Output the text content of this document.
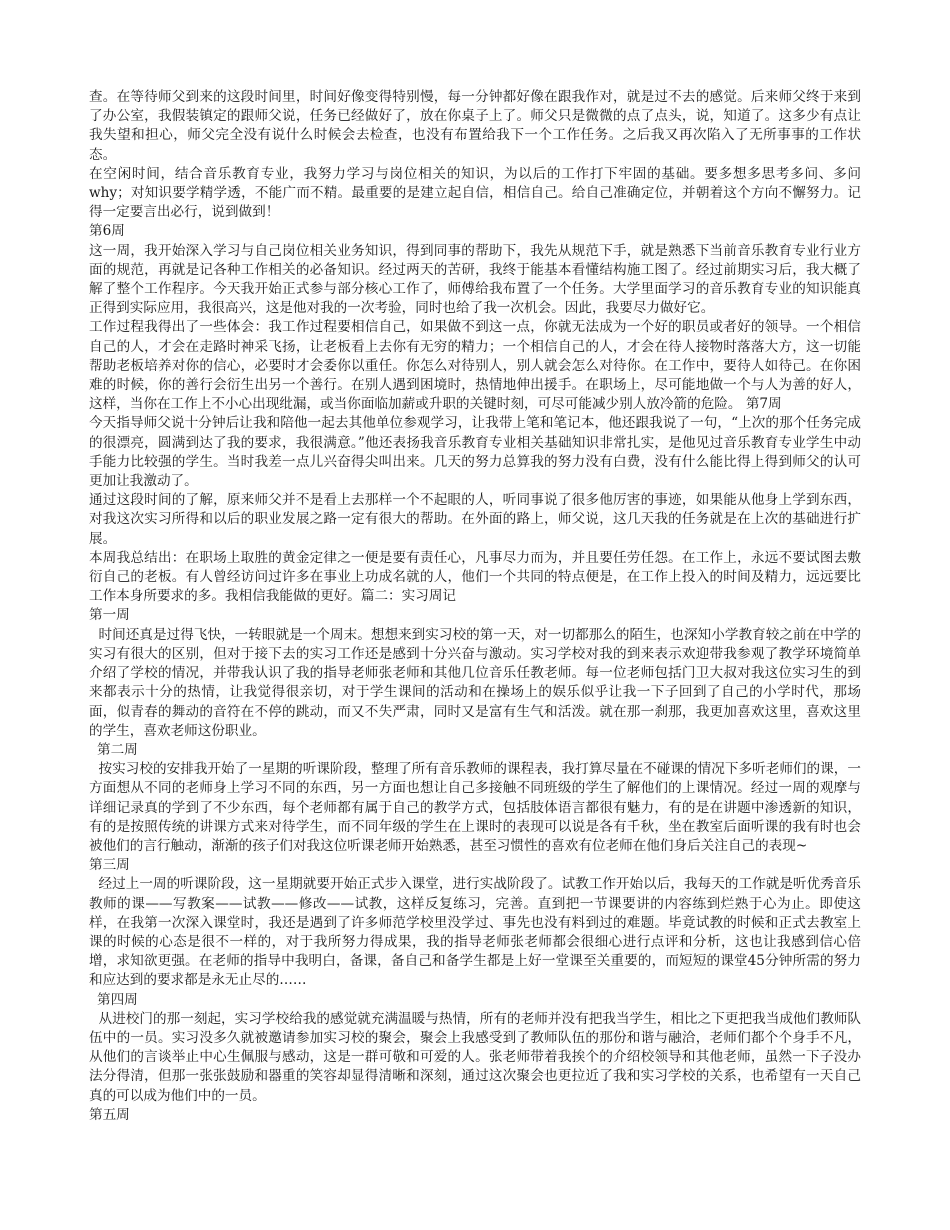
查。在等待师父到来的这段时间里，时间好像变得特别慢，每一分钟都好像在跟我作对，就是过不去的感觉。后来师父终于来到了办公室，我假装镇定的跟师父说，任务已经做好了，放在你桌子上了。师父只是微微的点了点头，说，知道了。这多少有点让我失望和担心，师父完全没有说什么时候会去检查，也没有布置给我下一个工作任务。之后我又再次陷入了无所事事的工作状态。

在空闲时间，结合音乐教育专业，我努力学习与岗位相关的知识，为以后的工作打下牢固的基础。要多想多思考多问、多问why；对知识要学精学透，不能广而不精。最重要的是建立起自信，相信自己。给自己准确定位，并朝着这个方向不懈努力。记得一定要言出必行，说到做到！

第6周

这一周，我开始深入学习与自己岗位相关业务知识，得到同事的帮助下，我先从规范下手，就是熟悉下当前音乐教育专业行业方面的规范，再就是记各种工作相关的必备知识。经过两天的苦研，我终于能基本看懂结构施工图了。经过前期实习后，我大概了解了整个工作程序。今天我开始正式参与部分核心工作了，师傅给我布置了一个任务。大学里面学习的音乐教育专业的知识能真正得到实际应用，我很高兴，这是他对我的一次考验，同时也给了我一次机会。因此，我要尽力做好它。

工作过程我得出了一些体会：我工作过程要相信自己，如果做不到这一点，你就无法成为一个好的职员或者好的领导。一个相信自己的人，才会在走路时神采飞扬，让老板看上去你有无穷的精力；一个相信自己的人，才会在待人接物时落落大方，这一切能帮助老板培养对你的信心，必要时才会委你以重任。你怎么对待别人，别人就会怎么对待你。在工作中，要待人如待己。在你困难的时候，你的善行会衍生出另一个善行。在别人遇到困境时，热情地伸出援手。在职场上，尽可能地做一个与人为善的好人，这样，当你在工作上不小心出现纰漏，或当你面临加薪或升职的关键时刻，可尽可能减少别人放冷箭的危险。 第7周

今天指导师父说十分钟后让我和陪他一起去其他单位参观学习，让我带上笔和笔记本，他还跟我说了一句，“上次的那个任务完成的很漂亮，圆满到达了我的要求，我很满意。”他还表扬我音乐教育专业相关基础知识非常扎实，是他见过音乐教育专业学生中动手能力比较强的学生。当时我差一点儿兴奋得尖叫出来。几天的努力总算我的努力没有白费，没有什么能比得上得到师父的认可更加让我激动了。

通过这段时间的了解，原来师父并不是看上去那样一个不起眼的人，听同事说了很多他厉害的事迹，如果能从他身上学到东西，对我这次实习所得和以后的职业发展之路一定有很大的帮助。在外面的路上，师父说，这几天我的任务就是在上次的基础进行扩展。

本周我总结出：在职场上取胜的黄金定律之一便是要有责任心，凡事尽力而为，并且要任劳任怨。在工作上，永远不要试图去敷衍自己的老板。有人曾经访问过许多在事业上功成名就的人，他们一个共同的特点便是，在工作上投入的时间及精力，远远要比工作本身所要求的多。我相信我能做的更好。篇二：实习周记

第一周

时间还真是过得飞快，一转眼就是一个周末。想想来到实习校的第一天，对一切都那么的陌生，也深知小学教育较之前在中学的实习有很大的区别，但对于接下去的实习工作还是感到十分兴奋与激动。实习学校对我的到来表示欢迎带我参观了教学环境简单介绍了学校的情况，并带我认识了我的指导老师张老师和其他几位音乐任教老师。每一位老师包括门卫大叔对我这位实习生的到来都表示十分的热情，让我觉得很亲切，对于学生课间的活动和在操场上的娱乐似乎让我一下子回到了自己的小学时代，那场面，似青春的舞动的音符在不停的跳动，而又不失严肃，同时又是富有生气和活泼。就在那一刹那，我更加喜欢这里，喜欢这里的学生，喜欢老师这份职业。

第二周

按实习校的安排我开始了一星期的听课阶段，整理了所有音乐教师的课程表，我打算尽量在不碰课的情况下多听老师们的课，一方面想从不同的老师身上学习不同的东西，另一方面也想让自己多接触不同班级的学生了解他们的上课情况。经过一周的观摩与详细记录真的学到了不少东西，每个老师都有属于自己的教学方式，包括肢体语言都很有魅力，有的是在讲题中渗透新的知识，有的是按照传统的讲课方式来对待学生，而不同年级的学生在上课时的表现可以说是各有千秋，坐在教室后面听课的我有时也会被他们的言行触动，渐渐的孩子们对我这位听课老师开始熟悉，甚至习惯性的喜欢有位老师在他们身后关注自己的表现~

第三周

经过上一周的听课阶段，这一星期就要开始正式步入课堂，进行实战阶段了。试教工作开始以后，我每天的工作就是听优秀音乐教师的课——写教案——试教——修改——试教，这样反复练习，完善。直到把一节课要讲的内容练到烂熟于心为止。即使这样，在我第一次深入课堂时，我还是遇到了许多师范学校里没学过、事先也没有料到过的难题。毕竟试教的时候和正式去教室上课的时候的心态是很不一样的，对于我所努力得成果，我的指导老师张老师都会很细心进行点评和分析，这也让我感到信心倍增，求知欲更强。在老师的指导中我明白，备课，备自己和备学生都是上好一堂课至关重要的，而短短的课堂45分钟所需的努力和应达到的要求都是永无止尽的……

第四周

从进校门的那一刻起，实习学校给我的感觉就充满温暖与热情，所有的老师并没有把我当学生，相比之下更把我当成他们教师队伍中的一员。实习没多久就被邀请参加实习校的聚会，聚会上我感受到了教师队伍的那份和谐与融洽，老师们都个个身手不凡，从他们的言谈举止中心生佩服与感动，这是一群可敬和可爱的人。张老师带着我挨个的介绍校领导和其他老师，虽然一下子没办法分得清，但那一张张鼓励和器重的笑容却显得清晰和深刻，通过这次聚会也更拉近了我和实习学校的关系，也希望有一天自己真的可以成为他们中的一员。

第五周
